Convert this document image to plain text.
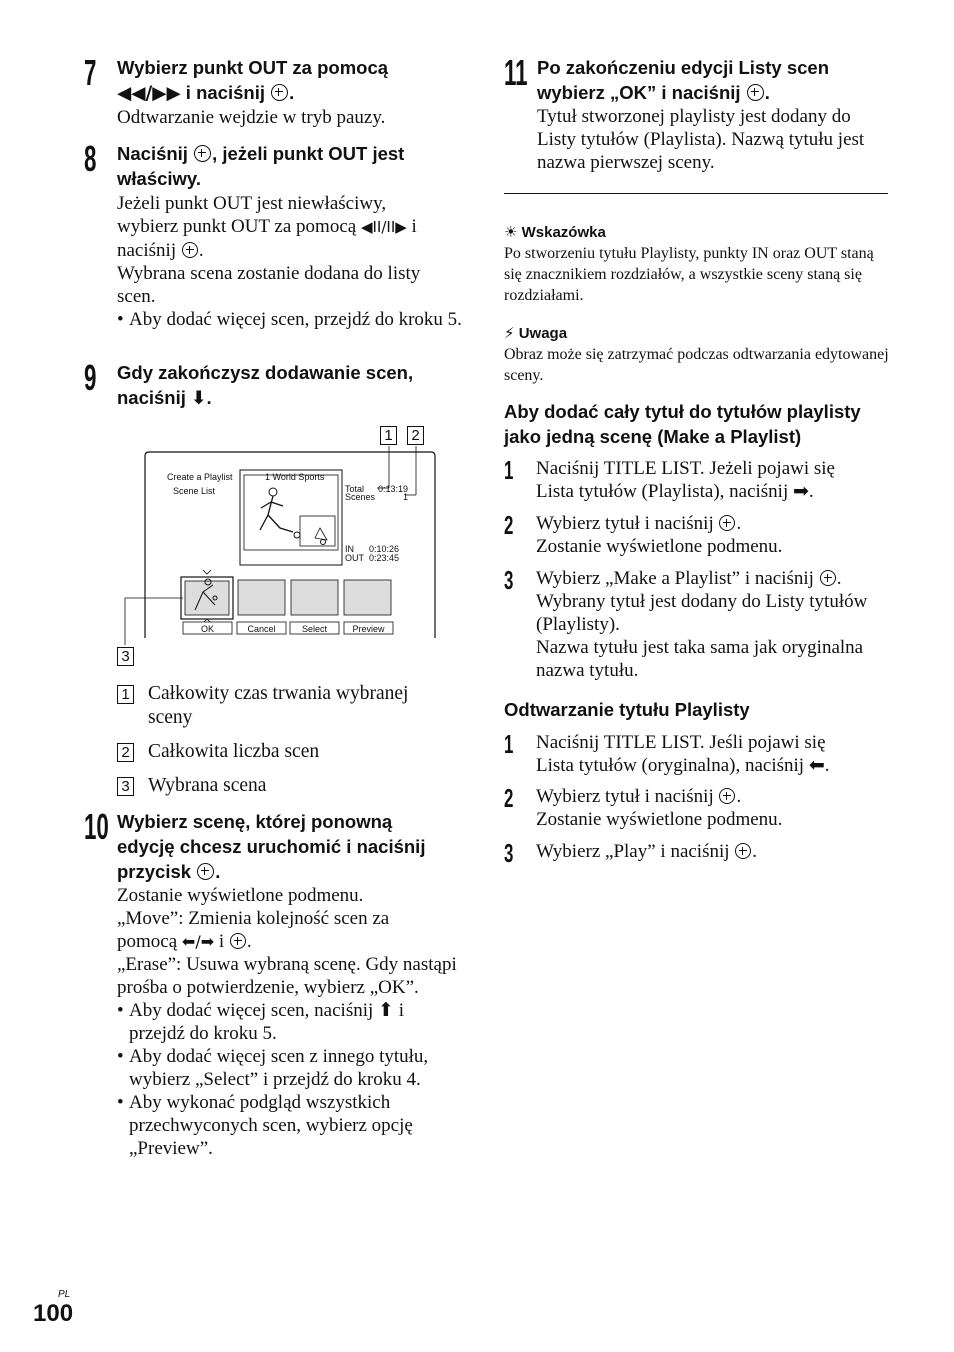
7 Wybierz punkt OUT za pomocą
◀◀/▶▶ i naciśnij .

Odtwarzanie wejdzie w tryb pauzy.

8 Naciśnij , jeżeli punkt OUT jest
właściwy.

Jeżeli punkt OUT jest niewłaściwy,
wybierz punkt OUT za pomocą ◀II/II▶ i
naciśnij .

Wybrana scena zostanie dodana do listy scen.

• Aby dodać więcej scen, przejdź do kroku 5.

9 Gdy zakończysz dodawanie scen,
naciśnij ⬇.
1 2
3
Create a Playlist	1 World Sports
Scene List	Total 0:13:19
Scenes	1
IN 0:10:26
OUT 0:23:45
OK	Cancel	Select	Preview
1 Całkowity czas trwania wybranej sceny
2 Całkowita liczba scen
3 Wybrana scena
10 Wybierz scenę, której ponowną
edycję chcesz uruchomić i naciśnij
przycisk .

Zostanie wyświetlone podmenu.

„Move”: Zmienia kolejność scen za
pomocą ⬅/➡ i .

„Erase”: Usuwa wybraną scenę. Gdy nastąpi prośba o potwierdzenie, wybierz „OK”.

• Aby dodać więcej scen, naciśnij ⬆ i przejdź do kroku 5.

• Aby dodać więcej scen z innego tytułu, wybierz „Select” i przejdź do kroku 4.

• Aby wykonać podgląd wszystkich przechwyconych scen, wybierz opcję „Preview”.

11 Po zakończeniu edycji Listy scen
wybierz „OK” i naciśnij .

Tytuł stworzonej playlisty jest dodany do Listy tytułów (Playlista). Nazwą tytułu jest nazwa pierwszej sceny.

☀ Wskazówka
Po stworzeniu tytułu Playlisty, punkty IN oraz OUT staną się znacznikiem rozdziałów, a wszystkie sceny staną się rozdziałami.
⚡ Uwaga
Obraz może się zatrzymać podczas odtwarzania edytowanej sceny.
Aby dodać cały tytuł do tytułów playlisty jako jedną scenę (Make a Playlist)
1 Naciśnij TITLE LIST. Jeżeli pojawi się
Lista tytułów (Playlista), naciśnij ➡.

2 Wybierz tytuł i naciśnij .
Zostanie wyświetlone podmenu.

3 Wybierz „Make a Playlist” i naciśnij .
Wybrany tytuł jest dodany do Listy tytułów (Playlisty).
Nazwa tytułu jest taka sama jak oryginalna nazwa tytułu.

Odtwarzanie tytułu Playlisty
1 Naciśnij TITLE LIST. Jeśli pojawi się
Lista tytułów (oryginalna), naciśnij ⬅.

2 Wybierz tytuł i naciśnij .
Zostanie wyświetlone podmenu.

3 Wybierz „Play” i naciśnij .

PL
100
